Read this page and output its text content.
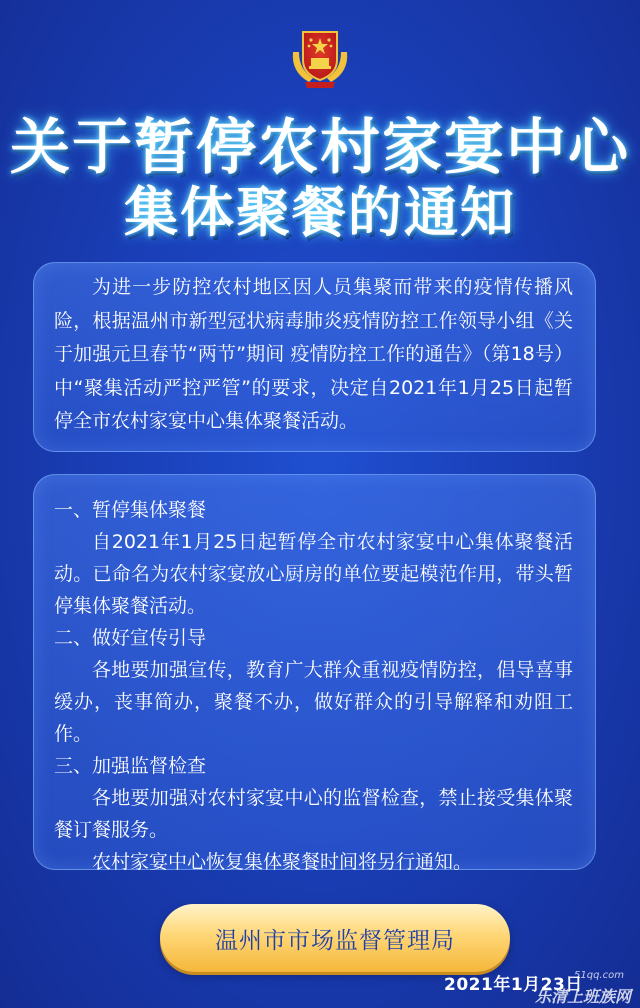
关于暂停农村家宴中心
集体聚餐的通知

为进一步防控农村地区因人员集聚而带来的疫情传播风险，根据温州市新型冠状病毒肺炎疫情防控工作领导小组《关于加强元旦春节“两节”期间 疫情防控工作的通告》（第18号）中“聚集活动严控严管”的要求，决定自2021年1月25日起暂停全市农村家宴中心集体聚餐活动。

一、暂停集体聚餐

自2021年1月25日起暂停全市农村家宴中心集体聚餐活动。已命名为农村家宴放心厨房的单位要起模范作用，带头暂停集体聚餐活动。

二、做好宣传引导

各地要加强宣传，教育广大群众重视疫情防控，倡导喜事缓办，丧事简办，聚餐不办，做好群众的引导解释和劝阻工作。

三、加强监督检查

各地要加强对农村家宴中心的监督检查，禁止接受集体聚餐订餐服务。

农村家宴中心恢复集体聚餐时间将另行通知。

温州市市场监督管理局
2021年1月23日
51qq.com
乐清上班族网
